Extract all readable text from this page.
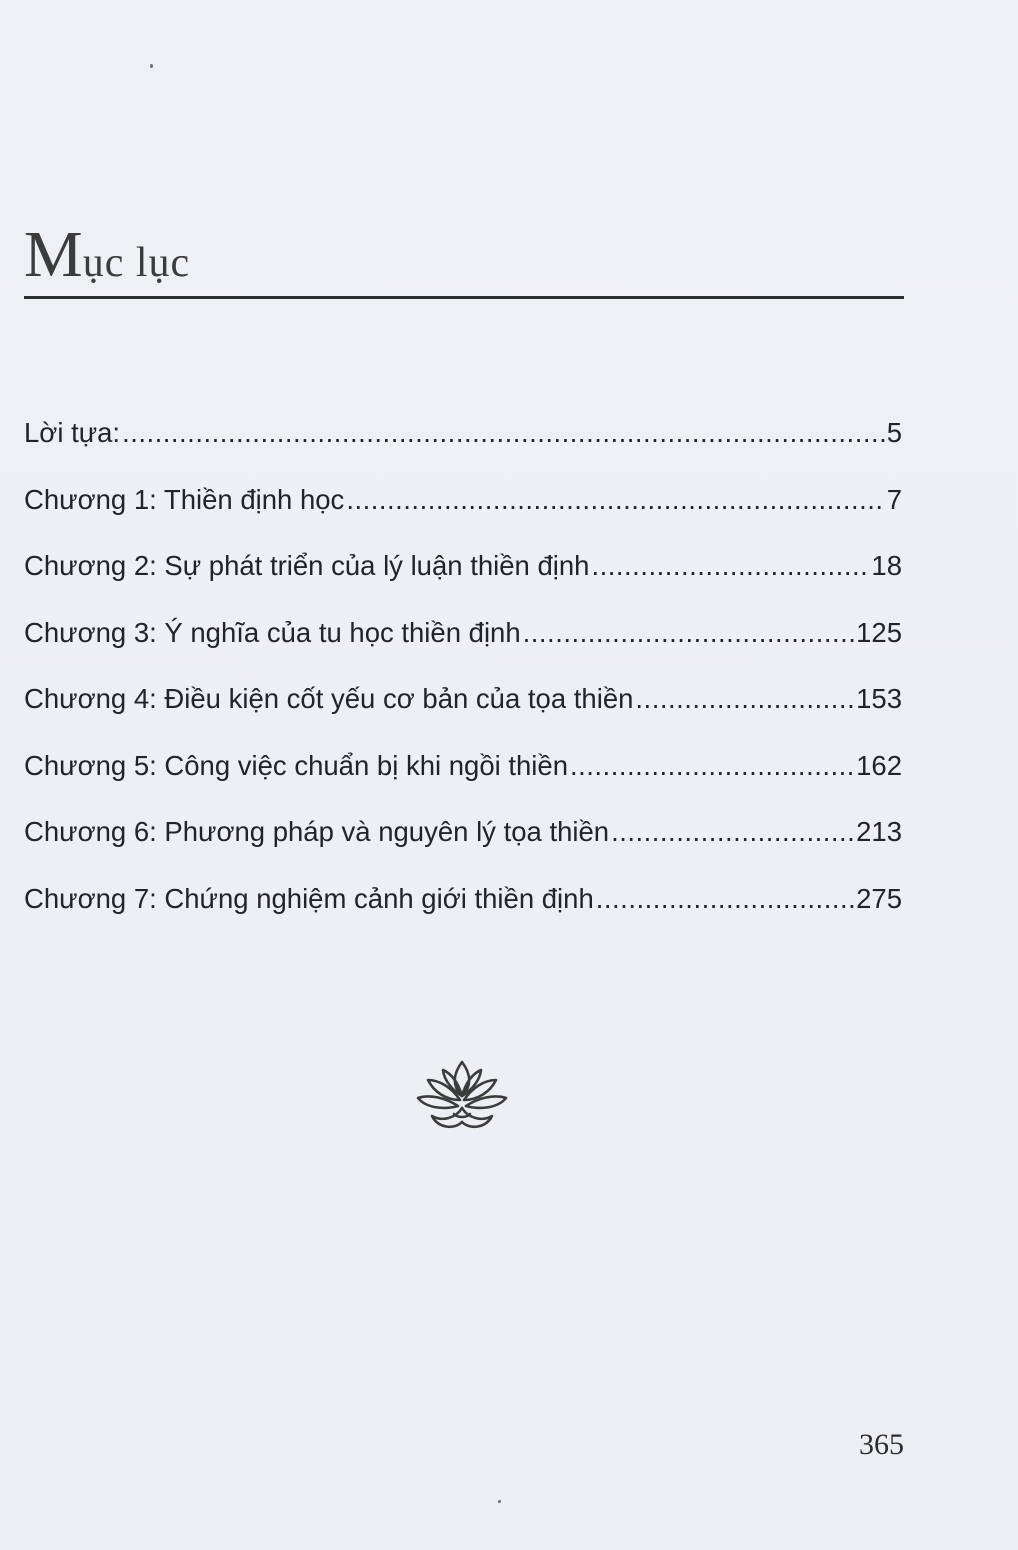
Mục lục
Lời tựa: .....	5
Chương 1: Thiền định học .....	7
Chương 2: Sự phát triển của lý luận thiền định .....	18
Chương 3: Ý nghĩa của tu học thiền định .....	125
Chương 4: Điều kiện cốt yếu cơ bản của tọa thiền .....	153
Chương 5: Công việc chuẩn bị khi ngồi thiền .....	162
Chương 6: Phương pháp và nguyên lý tọa thiền .....	213
Chương 7: Chứng nghiệm cảnh giới thiền định .....	275
365
